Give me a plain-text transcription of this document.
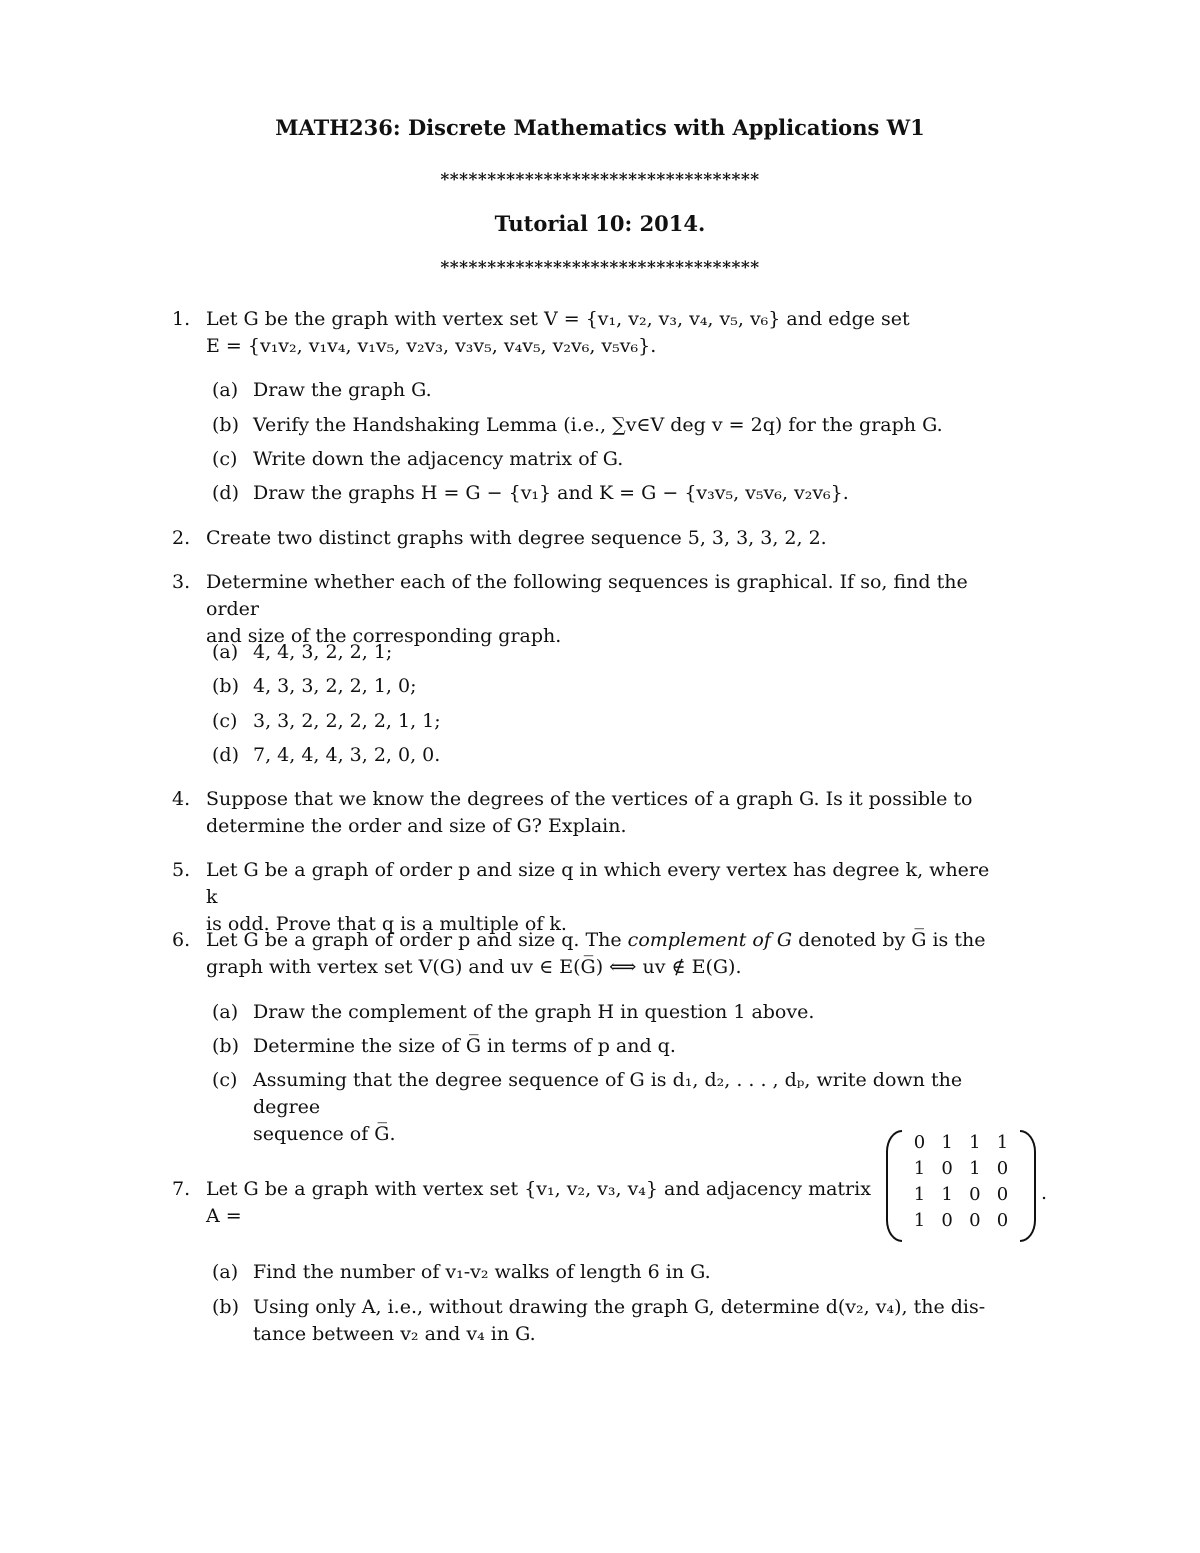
MATH236: Discrete Mathematics with Applications W1
**********************************
Tutorial 10: 2014.
**********************************
1. Let G be the graph with vertex set V = {v₁, v₂, v₃, v₄, v₅, v₆} and edge set
E = {v₁v₂, v₁v₄, v₁v₅, v₂v₃, v₃v₅, v₄v₅, v₂v₆, v₅v₆}.
(a) Draw the graph G.
(b) Verify the Handshaking Lemma (i.e., ∑v∈V deg v = 2q) for the graph G.
(c) Write down the adjacency matrix of G.
(d) Draw the graphs H = G − {v₁} and K = G − {v₃v₅, v₅v₆, v₂v₆}.
2. Create two distinct graphs with degree sequence 5, 3, 3, 3, 2, 2.
3. Determine whether each of the following sequences is graphical. If so, find the order
and size of the corresponding graph.
(a) 4, 4, 3, 2, 2, 1;
(b) 4, 3, 3, 2, 2, 1, 0;
(c) 3, 3, 2, 2, 2, 2, 1, 1;
(d) 7, 4, 4, 4, 3, 2, 0, 0.
4. Suppose that we know the degrees of the vertices of a graph G. Is it possible to
determine the order and size of G? Explain.
5. Let G be a graph of order p and size q in which every vertex has degree k, where k
is odd. Prove that q is a multiple of k.
6. Let G be a graph of order p and size q. The complement of G denoted by G̅ is the
graph with vertex set V(G) and uv ∈ E(G̅) ⟺ uv ∉ E(G).
(a) Draw the complement of the graph H in question 1 above.
(b) Determine the size of G̅ in terms of p and q.
(c) Assuming that the degree sequence of G is d₁, d₂, . . . , dₚ, write down the degree
sequence of G̅.
7. Let G be a graph with vertex set {v₁, v₂, v₃, v₄} and adjacency matrix A =
0 1 1 1
1 0 1 0
1 1 0 0
1 0 0 0
.
(a) Find the number of v₁-v₂ walks of length 6 in G.
(b) Using only A, i.e., without drawing the graph G, determine d(v₂, v₄), the dis-
tance between v₂ and v₄ in G.
